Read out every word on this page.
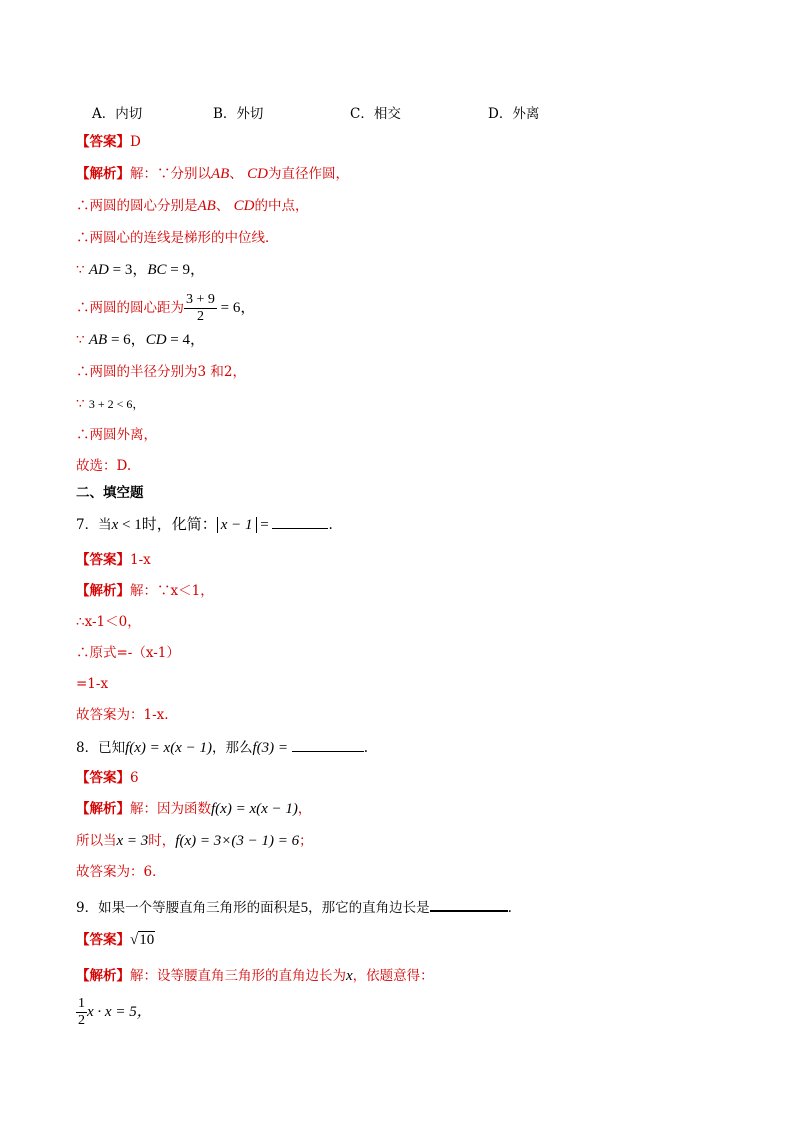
A．内切	B．外切	C．相交	D．外离
【答案】D
【解析】解：∵分别以AB、 CD为直径作圆，
∴两圆的圆心分别是AB、 CD的中点，
∴两圆心的连线是梯形的中位线．
∵ AD = 3，BC = 9，
∴两圆的圆心距为 $\frac{3 + 9}{2} = 6$，
∵ AB = 6，CD = 4，
∴两圆的半径分别为3 和2，
∵ 3 + 2 < 6，
∴两圆外离，
故选：D.
二、填空题
7．当x < 1时，化简： x − 1 =	.
【答案】1-x
【解析】解：∵x＜1，
∴x-1＜0，
∴原式=-（x-1）
=1-x
故答案为：1-x.
8．已知f(x) = x(x − 1)，那么f(3) =	.
【答案】6
【解析】解：因为函数f(x) = x(x − 1)，
所以当x = 3时，f(x) = 3×(3 − 1) = 6；
故答案为：6．
9．如果一个等腰直角三角形的面积是5，那它的直角边长是	.
【答案】√10
【解析】解：设等腰直角三角形的直角边长为x，依题意得：
$\frac{1}{2}$ x · x = 5，
